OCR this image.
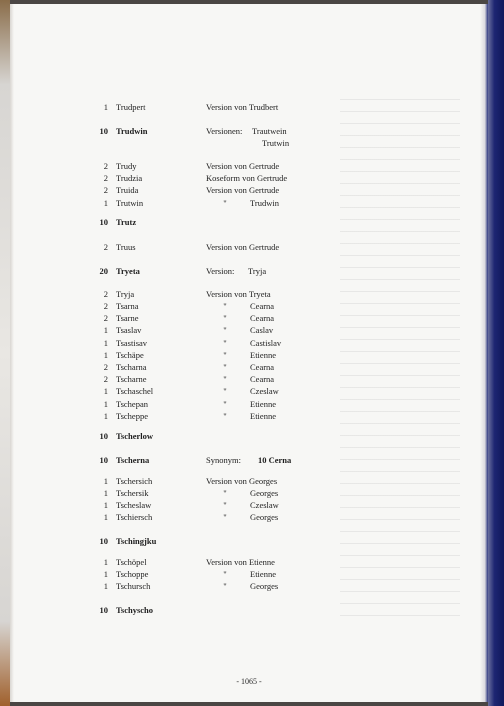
1 Trudpert	Version von Trudbert
10 Trudwin	Versionen: Trautwein
Trutwin
2 Trudy	Version von Gertrude
2 Trudzia	Koseform von Gertrude
2 Truida	Version von Gertrude
1 Trutwin	"	Trudwin
10 Trutz
2 Truus	Version von Gertrude
20 Tryeta	Version: Tryja
2 Tryja	Version von Tryeta
2 Tsarna	"	Cearna
2 Tsarne	"	Cearna
1 Tsaslav	"	Caslav
1 Tsastisav	"	Castislav
1 Tschäpe	"	Etienne
2 Tscharna	"	Cearna
2 Tscharne	"	Cearna
1 Tschaschel	"	Czeslaw
1 Tschepan	"	Etienne
1 Tscheppe	"	Etienne
10 Tscherlow
10 Tscherna	Synonym: 10 Cerna
1 Tschersich	Version von Georges
1 Tschersik	"	Georges
1 Tscheslaw	"	Czeslaw
1 Tschiersch	"	Georges
10 Tschingjku
1 Tschöpel	Version von Etienne
1 Tschoppe	"	Etienne
1 Tschursch	"	Georges
10 Tschyscho
- 1065 -
